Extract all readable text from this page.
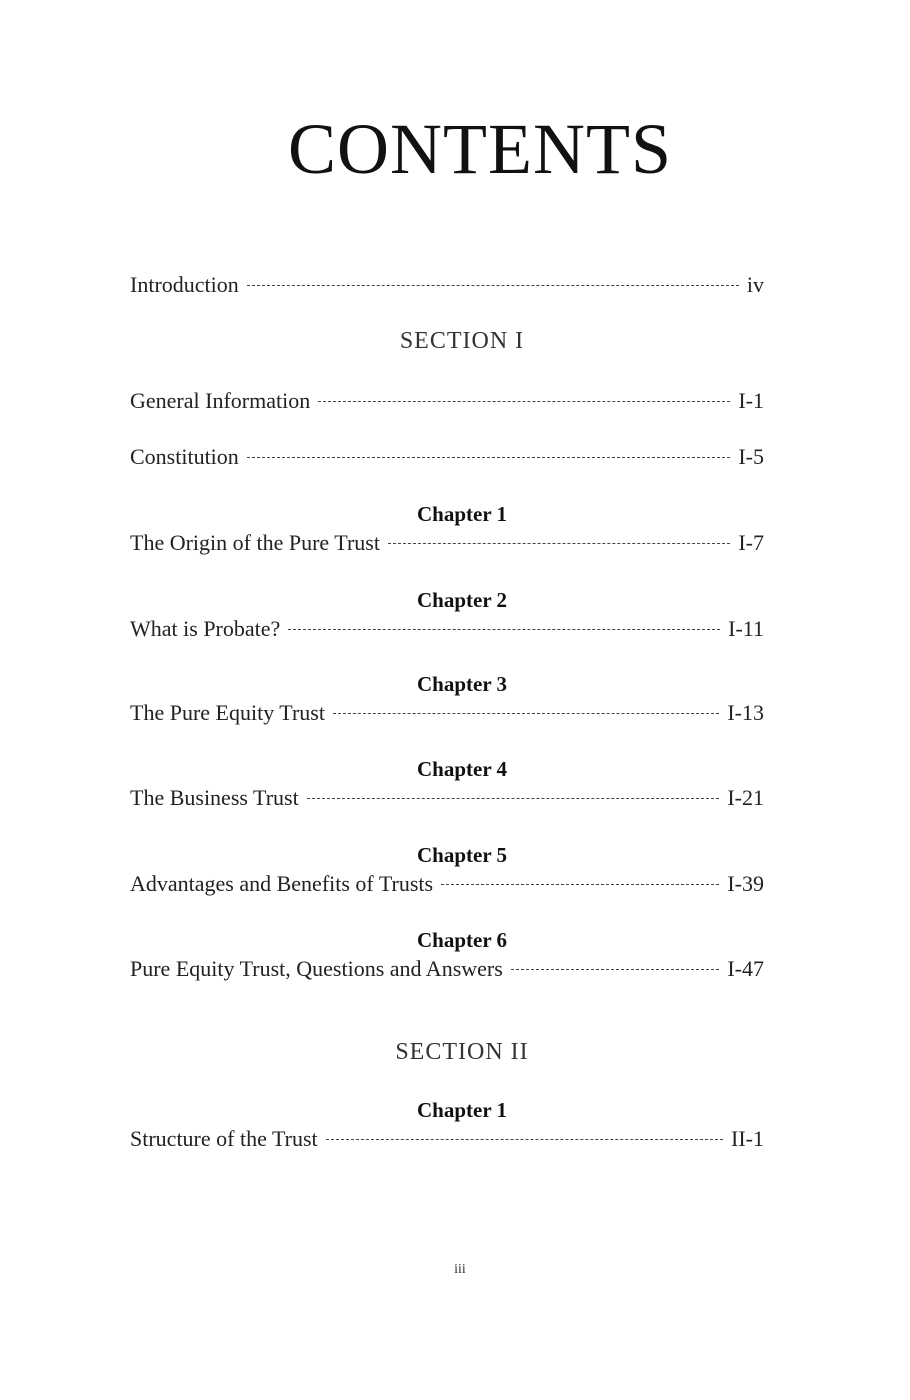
CONTENTS
Introduction	iv
SECTION I
General Information	I-1
Constitution	I-5
Chapter 1
The Origin of the Pure Trust	I-7
Chapter 2
What is Probate?	I-11
Chapter 3
The Pure Equity Trust	I-13
Chapter 4
The Business Trust	I-21
Chapter 5
Advantages and Benefits of Trusts	I-39
Chapter 6
Pure Equity Trust, Questions and Answers	I-47
SECTION II
Chapter 1
Structure of the Trust	II-1
iii
